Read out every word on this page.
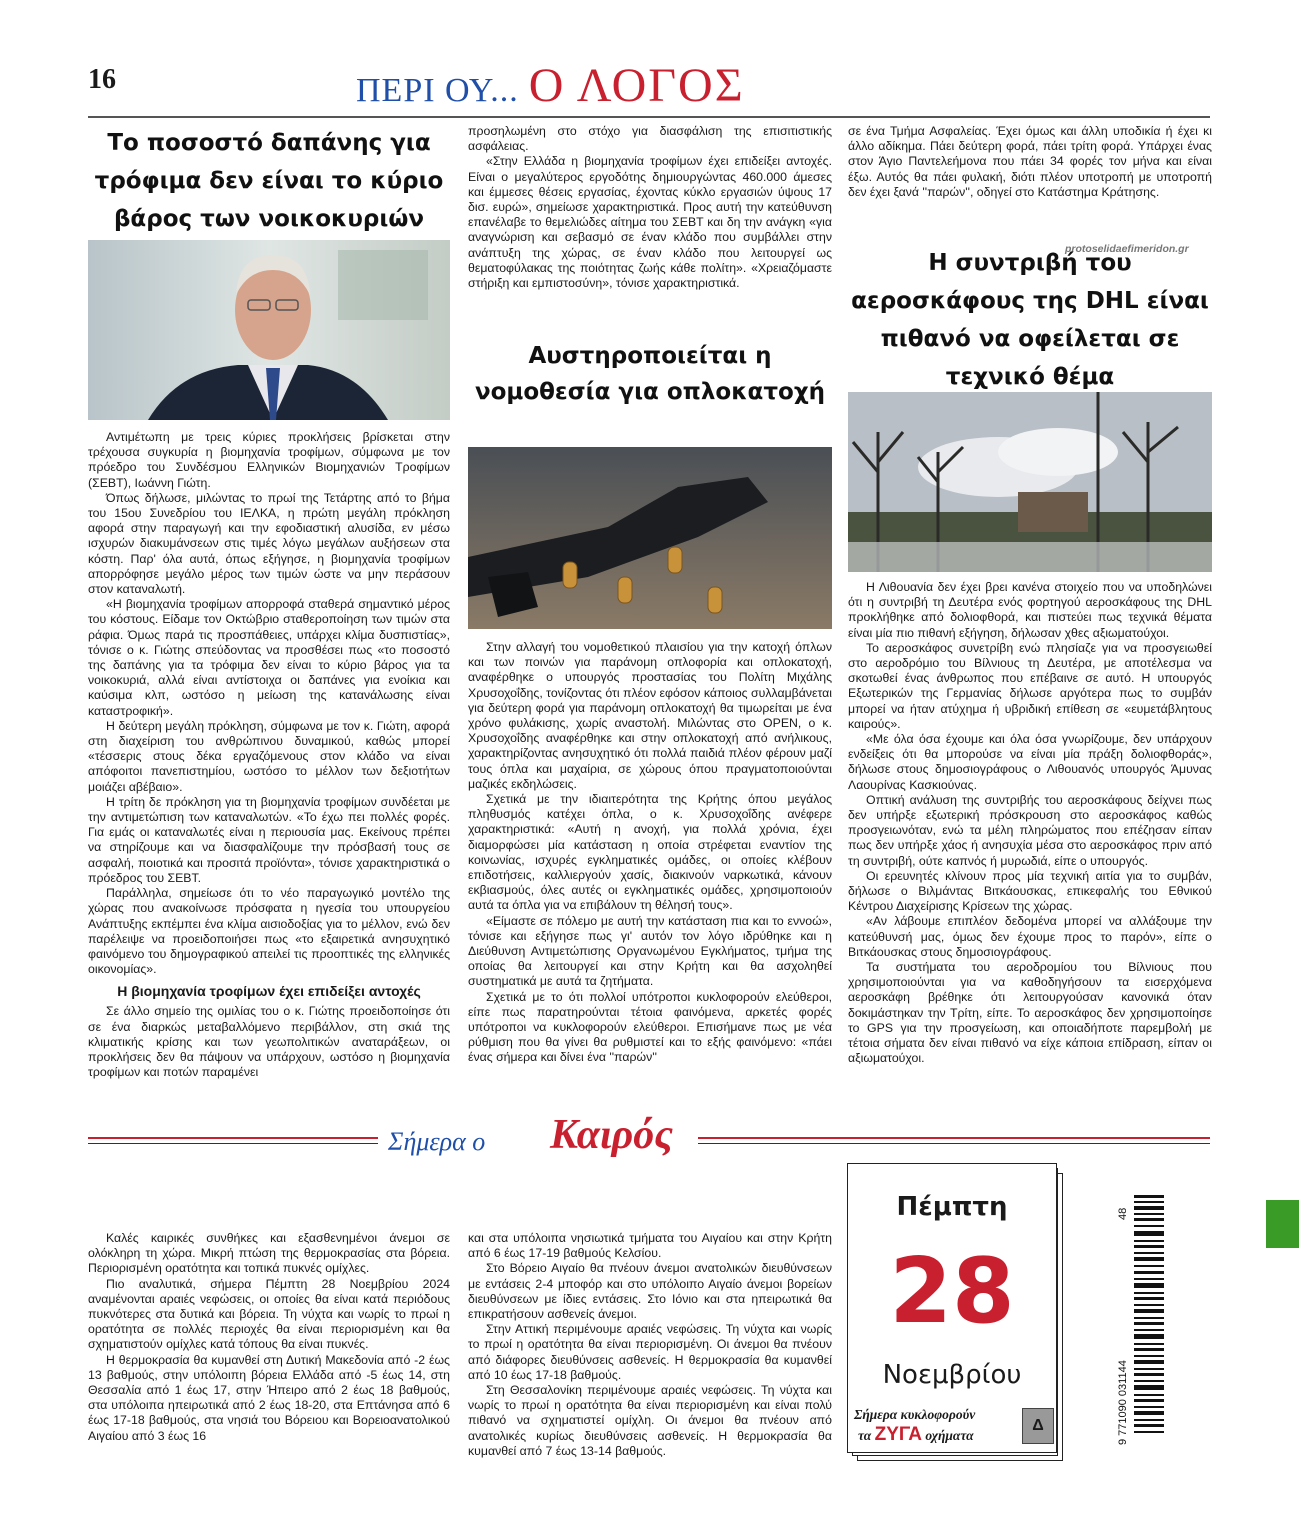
16	ΠΕΡΙ ΟΥ... Ο ΛΟΓΟΣ
Το ποσοστό δαπάνης για τρόφιμα δεν είναι το κύριο βάρος των νοικοκυριών

Αντιμέτωπη με τρεις κύριες προκλήσεις βρίσκεται στην τρέχουσα συγκυρία η βιομηχανία τροφίμων, σύμφωνα με τον πρόεδρο του Συνδέσμου Ελληνικών Βιομηχανιών Τροφίμων (ΣΕΒΤ), Ιωάννη Γιώτη.

Όπως δήλωσε, μιλώντας το πρωί της Τετάρτης από το βήμα του 15ου Συνεδρίου του ΙΕΛΚΑ, η πρώτη μεγάλη πρόκληση αφορά στην παραγωγή και την εφοδιαστική αλυσίδα, εν μέσω ισχυρών διακυμάνσεων στις τιμές λόγω μεγάλων αυξήσεων στα κόστη. Παρ' όλα αυτά, όπως εξήγησε, η βιομηχανία τροφίμων απορρόφησε μεγάλο μέρος των τιμών ώστε να μην περάσουν στον καταναλωτή.

«Η βιομηχανία τροφίμων απορροφά σταθερά σημαντικό μέρος του κόστους. Είδαμε τον Οκτώβριο σταθεροποίηση των τιμών στα ράφια. Όμως παρά τις προσπάθειες, υπάρχει κλίμα δυσπιστίας», τόνισε ο κ. Γιώτης σπεύδοντας να προσθέσει πως «το ποσοστό της δαπάνης για τα τρόφιμα δεν είναι το κύριο βάρος για τα νοικοκυριά, αλλά είναι αντίστοιχα οι δαπάνες για ενοίκια και καύσιμα κλπ, ωστόσο η μείωση της κατανάλωσης είναι καταστροφική».

Η δεύτερη μεγάλη πρόκληση, σύμφωνα με τον κ. Γιώτη, αφορά στη διαχείριση του ανθρώπινου δυναμικού, καθώς μπορεί «τέσσερις στους δέκα εργαζόμενους στον κλάδο να είναι απόφοιτοι πανεπιστημίου, ωστόσο το μέλλον των δεξιοτήτων μοιάζει αβέβαιο».

Η τρίτη δε πρόκληση για τη βιομηχανία τροφίμων συνδέεται με την αντιμετώπιση των καταναλωτών. «Το έχω πει πολλές φορές. Για εμάς οι καταναλωτές είναι η περιουσία μας. Εκείνους πρέπει να στηρίζουμε και να διασφαλίζουμε την πρόσβασή τους σε ασφαλή, ποιοτικά και προσιτά προϊόντα», τόνισε χαρακτηριστικά ο πρόεδρος του ΣΕΒΤ.

Παράλληλα, σημείωσε ότι το νέο παραγωγικό μοντέλο της χώρας που ανακοίνωσε πρόσφατα η ηγεσία του υπουργείου Ανάπτυξης εκπέμπει ένα κλίμα αισιοδοξίας για το μέλλον, ενώ δεν παρέλειψε να προειδοποιήσει πως «το εξαιρετικά ανησυχητικό φαινόμενο του δημογραφικού απειλεί τις προοπτικές της ελληνικές οικονομίας».

Η βιομηχανία τροφίμων έχει επιδείξει αντοχές

Σε άλλο σημείο της ομιλίας του ο κ. Γιώτης προειδοποίησε ότι σε ένα διαρκώς μεταβαλλόμενο περιβάλλον, στη σκιά της κλιματικής κρίσης και των γεωπολιτικών αναταράξεων, οι προκλήσεις δεν θα πάψουν να υπάρχουν, ωστόσο η βιομηχανία τροφίμων και ποτών παραμένει

προσηλωμένη στο στόχο για διασφάλιση της επισιτιστικής ασφάλειας.

«Στην Ελλάδα η βιομηχανία τροφίμων έχει επιδείξει αντοχές. Είναι ο μεγαλύτερος εργοδότης δημιουργώντας 460.000 άμεσες και έμμεσες θέσεις εργασίας, έχοντας κύκλο εργασιών ύψους 17 δισ. ευρώ», σημείωσε χαρακτηριστικά. Προς αυτή την κατεύθυνση επανέλαβε το θεμελιώδες αίτημα του ΣΕΒΤ και δη την ανάγκη «για αναγνώριση και σεβασμό σε έναν κλάδο που συμβάλλει στην ανάπτυξη της χώρας, σε έναν κλάδο που λειτουργεί ως θεματοφύλακας της ποιότητας ζωής κάθε πολίτη». «Χρειαζόμαστε στήριξη και εμπιστοσύνη», τόνισε χαρακτηριστικά.

Αυστηροποιείται η νομοθεσία για οπλοκατοχή

Στην αλλαγή του νομοθετικού πλαισίου για την κατοχή όπλων και των ποινών για παράνομη οπλοφορία και οπλοκατοχή, αναφέρθηκε ο υπουργός προστασίας του Πολίτη Μιχάλης Χρυσοχοΐδης, τονίζοντας ότι πλέον εφόσον κάποιος συλλαμβάνεται για δεύτερη φορά για παράνομη οπλοκατοχή θα τιμωρείται με ένα χρόνο φυλάκισης, χωρίς αναστολή. Μιλώντας στο OPEN, ο κ. Χρυσοχοΐδης αναφέρθηκε και στην οπλοκατοχή από ανήλικους, χαρακτηρίζοντας ανησυχητικό ότι πολλά παιδιά πλέον φέρουν μαζί τους όπλα και μαχαίρια, σε χώρους όπου πραγματοποιούνται μαζικές εκδηλώσεις.

Σχετικά με την ιδιαιτερότητα της Κρήτης όπου μεγάλος πληθυσμός κατέχει όπλα, ο κ. Χρυσοχοΐδης ανέφερε χαρακτηριστικά: «Αυτή η ανοχή, για πολλά χρόνια, έχει διαμορφώσει μία κατάσταση η οποία στρέφεται εναντίον της κοινωνίας, ισχυρές εγκληματικές ομάδες, οι οποίες κλέβουν επιδοτήσεις, καλλιεργούν χασίς, διακινούν ναρκωτικά, κάνουν εκβιασμούς, όλες αυτές οι εγκληματικές ομάδες, χρησιμοποιούν αυτά τα όπλα για να επιβάλουν τη θέλησή τους».

«Είμαστε σε πόλεμο με αυτή την κατάσταση πια και το εννοώ», τόνισε και εξήγησε πως γι' αυτόν τον λόγο ιδρύθηκε και η Διεύθυνση Αντιμετώπισης Οργανωμένου Εγκλήματος, τμήμα της οποίας θα λειτουργεί και στην Κρήτη και θα ασχοληθεί συστηματικά με αυτά τα ζητήματα.

Σχετικά με το ότι πολλοί υπότροποι κυκλοφορούν ελεύθεροι, είπε πως παρατηρούνται τέτοια φαινόμενα, αρκετές φορές υπότροποι να κυκλοφορούν ελεύθεροι. Επισήμανε πως με νέα ρύθμιση που θα γίνει θα ρυθμιστεί και το εξής φαινόμενο: «πάει ένας σήμερα και δίνει ένα ''παρών''

σε ένα Τμήμα Ασφαλείας. Έχει όμως και άλλη υποδικία ή έχει κι άλλο αδίκημα. Πάει δεύτερη φορά, πάει τρίτη φορά. Υπάρχει ένας στον Άγιο Παντελεήμονα που πάει 34 φορές τον μήνα και είναι έξω. Αυτός θα πάει φυλακή, διότι πλέον υποτροπή με υποτροπή δεν έχει ξανά ''παρών'', οδηγεί στο Κατάστημα Κράτησης.

protoselidaefimeridon.gr
Η συντριβή του αεροσκάφους της DHL είναι πιθανό να οφείλεται σε τεχνικό θέμα

Η Λιθουανία δεν έχει βρει κανένα στοιχείο που να υποδηλώνει ότι η συντριβή τη Δευτέρα ενός φορτηγού αεροσκάφους της DHL προκλήθηκε από δολιοφθορά, και πιστεύει πως τεχνικά θέματα είναι μία πιο πιθανή εξήγηση, δήλωσαν χθες αξιωματούχοι.

Το αεροσκάφος συνετρίβη ενώ πλησίαζε για να προσγειωθεί στο αεροδρόμιο του Βίλνιους τη Δευτέρα, με αποτέλεσμα να σκοτωθεί ένας άνθρωπος που επέβαινε σε αυτό. Η υπουργός Εξωτερικών της Γερμανίας δήλωσε αργότερα πως το συμβάν μπορεί να ήταν ατύχημα ή υβριδική επίθεση σε «ευμετάβλητους καιρούς».

«Με όλα όσα έχουμε και όλα όσα γνωρίζουμε, δεν υπάρχουν ενδείξεις ότι θα μπορούσε να είναι μία πράξη δολιοφθοράς», δήλωσε στους δημοσιογράφους ο Λιθουανός υπουργός Άμυνας Λαουρίνας Κασκιούνας.

Οπτική ανάλυση της συντριβής του αεροσκάφους δείχνει πως δεν υπήρξε εξωτερική πρόσκρουση στο αεροσκάφος καθώς προσγειωνόταν, ενώ τα μέλη πληρώματος που επέζησαν είπαν πως δεν υπήρξε χάος ή ανησυχία μέσα στο αεροσκάφος πριν από τη συντριβή, ούτε καπνός ή μυρωδιά, είπε ο υπουργός.

Οι ερευνητές κλίνουν προς μία τεχνική αιτία για το συμβάν, δήλωσε ο Βιλμάντας Βιτκάουσκας, επικεφαλής του Εθνικού Κέντρου Διαχείρισης Κρίσεων της χώρας.

«Αν λάβουμε επιπλέον δεδομένα μπορεί να αλλάξουμε την κατεύθυνσή μας, όμως δεν έχουμε προς το παρόν», είπε ο Βιτκάουσκας στους δημοσιογράφους.

Τα συστήματα του αεροδρομίου του Βίλνιους που χρησιμοποιούνται για να καθοδηγήσουν τα εισερχόμενα αεροσκάφη βρέθηκε ότι λειτουργούσαν κανονικά όταν δοκιμάστηκαν την Τρίτη, είπε. Το αεροσκάφος δεν χρησιμοποίησε το GPS για την προσγείωση, και οποιαδήποτε παρεμβολή με τέτοια σήματα δεν είναι πιθανό να είχε κάποια επίδραση, είπαν οι αξιωματούχοι.

Σήμερα ο Καιρός

Καλές καιρικές συνθήκες και εξασθενημένοι άνεμοι σε ολόκληρη τη χώρα. Μικρή πτώση της θερμοκρασίας στα βόρεια. Περιορισμένη ορατότητα και τοπικά πυκνές ομίχλες.

Πιο αναλυτικά, σήμερα Πέμπτη 28 Νοεμβρίου 2024 αναμένονται αραιές νεφώσεις, οι οποίες θα είναι κατά περιόδους πυκνότερες στα δυτικά και βόρεια. Τη νύχτα και νωρίς το πρωί η ορατότητα σε πολλές περιοχές θα είναι περιορισμένη και θα σχηματιστούν ομίχλες κατά τόπους θα είναι πυκνές.

Η θερμοκρασία θα κυμανθεί στη Δυτική Μακεδονία από -2 έως 13 βαθμούς, στην υπόλοιπη βόρεια Ελλάδα από -5 έως 14, στη Θεσσαλία από 1 έως 17, στην Ήπειρο από 2 έως 18 βαθμούς, στα υπόλοιπα ηπειρωτικά από 2 έως 18-20, στα Επτάνησα από 6 έως 17-18 βαθμούς, στα νησιά του Βόρειου και Βορειοανατολικού Αιγαίου από 3 έως 16

και στα υπόλοιπα νησιωτικά τμήματα του Αιγαίου και στην Κρήτη από 6 έως 17-19 βαθμούς Κελσίου.

Στο Βόρειο Αιγαίο θα πνέουν άνεμοι ανατολικών διευθύνσεων με εντάσεις 2-4 μποφόρ και στο υπόλοιπο Αιγαίο άνεμοι βορείων διευθύνσεων με ίδιες εντάσεις. Στο Ιόνιο και στα ηπειρωτικά θα επικρατήσουν ασθενείς άνεμοι.

Στην Αττική περιμένουμε αραιές νεφώσεις. Τη νύχτα και νωρίς το πρωί η ορατότητα θα είναι περιορισμένη. Οι άνεμοι θα πνέουν από διάφορες διευθύνσεις ασθενείς. Η θερμοκρασία θα κυμανθεί από 10 έως 17-18 βαθμούς.

Στη Θεσσαλονίκη περιμένουμε αραιές νεφώσεις. Τη νύχτα και νωρίς το πρωί η ορατότητα θα είναι περιορισμένη και είναι πολύ πιθανό να σχηματιστεί ομίχλη. Οι άνεμοι θα πνέουν από ανατολικές κυρίως διευθύνσεις ασθενείς. Η θερμοκρασία θα κυμανθεί από 7 έως 13-14 βαθμούς.

Πέμπτη
28
Νοεμβρίου
Σήμερα κυκλοφορούν
τα ΖΥΓΑ οχήματα
Δ	9 771090 031144
48
